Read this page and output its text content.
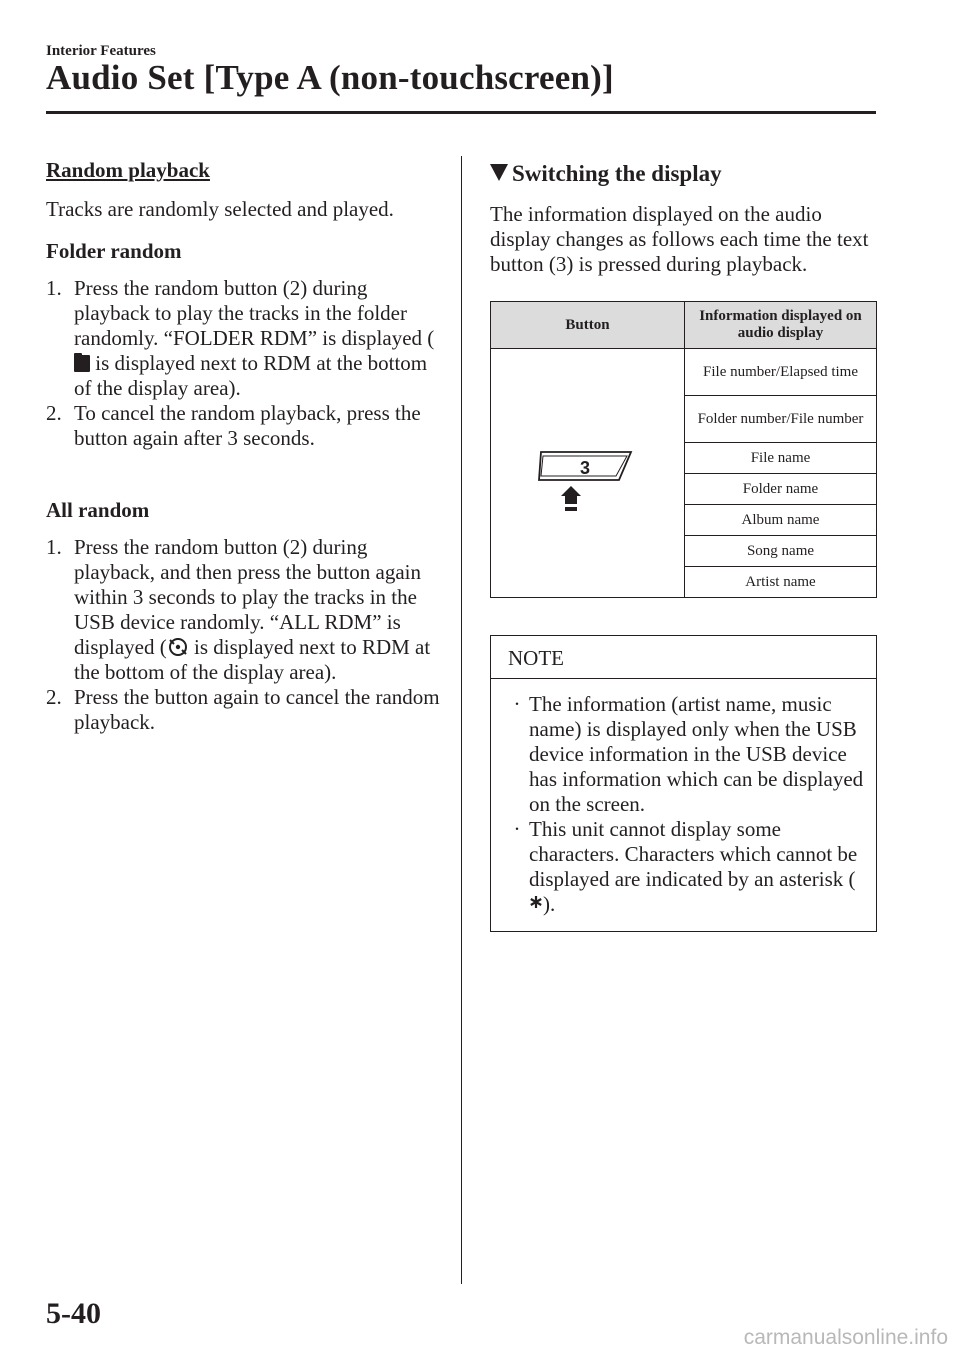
Interior Features
Audio Set [Type A (non-touchscreen)]

Random playback

Tracks are randomly selected and played.

Folder random

1. Press the random button (2) during playback to play the tracks in the folder randomly. “FOLDER RDM” is displayed ( is displayed next to RDM at the bottom of the display area).
2. To cancel the random playback, press the button again after 3 seconds.

All random

1. Press the random button (2) during playback, and then press the button again within 3 seconds to play the tracks in the USB device randomly. “ALL RDM” is displayed ( is displayed next to RDM at the bottom of the display area).
2. Press the button again to cancel the random playback.
Switching the display
The information displayed on the audio display changes as follows each time the text button (3) is pressed during playback.
Button	Information displayed on audio display

3	File number/Elapsed time
	Folder number/File number
	File name
	Folder name
	Album name
	Song name
	Artist name
NOTE
· The information (artist name, music name) is displayed only when the USB device information in the USB device has information which can be displayed on the screen.
· This unit cannot display some characters. Characters which cannot be displayed are indicated by an asterisk ().
5-40
carmanualsonline.info
